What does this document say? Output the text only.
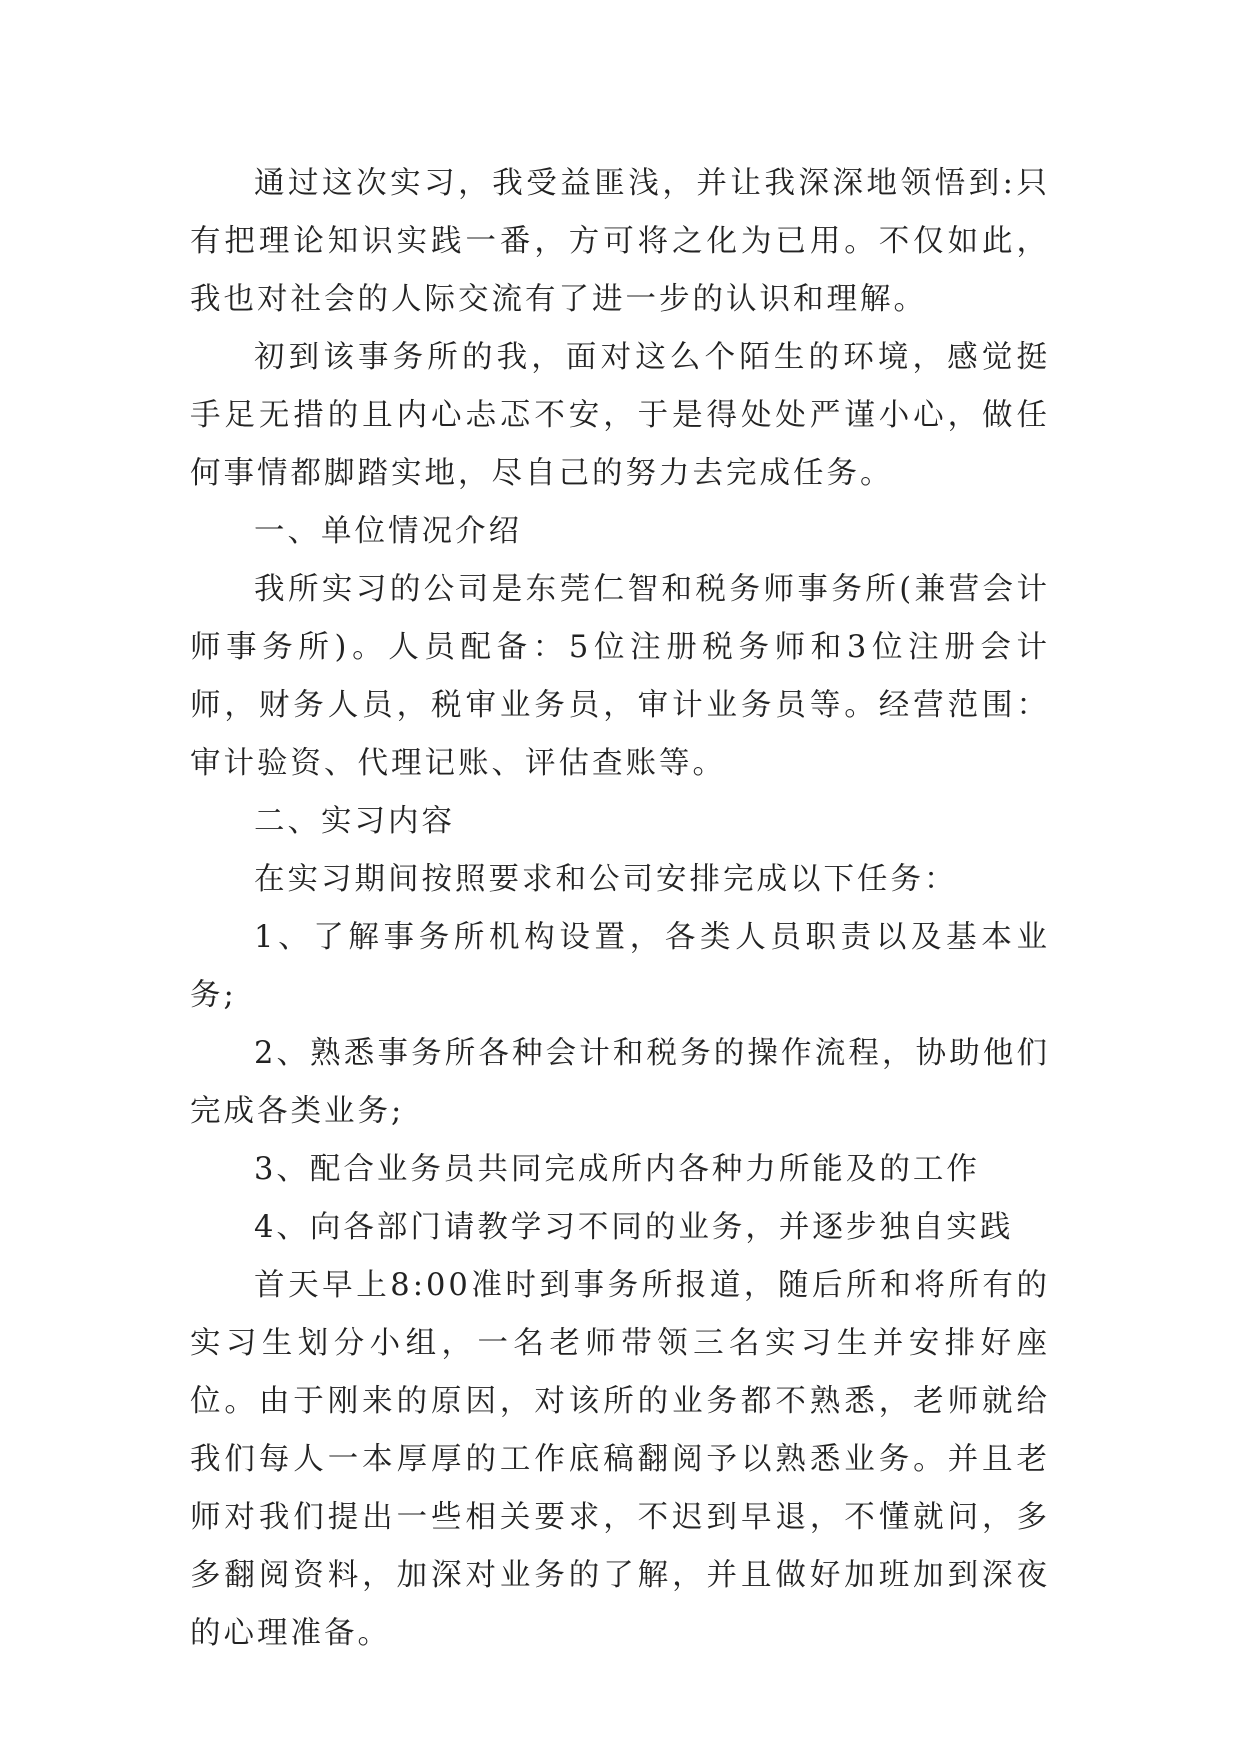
通过这次实习，我受益匪浅，并让我深深地领悟到:只有把理论知识实践一番，方可将之化为已用。不仅如此，我也对社会的人际交流有了进一步的认识和理解。

初到该事务所的我，面对这么个陌生的环境，感觉挺手足无措的且内心忐忑不安，于是得处处严谨小心，做任何事情都脚踏实地，尽自己的努力去完成任务。

一、单位情况介绍

我所实习的公司是东莞仁智和税务师事务所(兼营会计师事务所)。人员配备：5位注册税务师和3位注册会计师，财务人员，税审业务员，审计业务员等。经营范围：审计验资、代理记账、评估查账等。

二、实习内容

在实习期间按照要求和公司安排完成以下任务：

1、了解事务所机构设置，各类人员职责以及基本业务;

2、熟悉事务所各种会计和税务的操作流程，协助他们完成各类业务;

3、配合业务员共同完成所内各种力所能及的工作

4、向各部门请教学习不同的业务，并逐步独自实践

首天早上8:00准时到事务所报道，随后所和将所有的实习生划分小组，一名老师带领三名实习生并安排好座位。由于刚来的原因，对该所的业务都不熟悉，老师就给我们每人一本厚厚的工作底稿翻阅予以熟悉业务。并且老师对我们提出一些相关要求，不迟到早退，不懂就问，多多翻阅资料，加深对业务的了解，并且做好加班加到深夜的心理准备。
